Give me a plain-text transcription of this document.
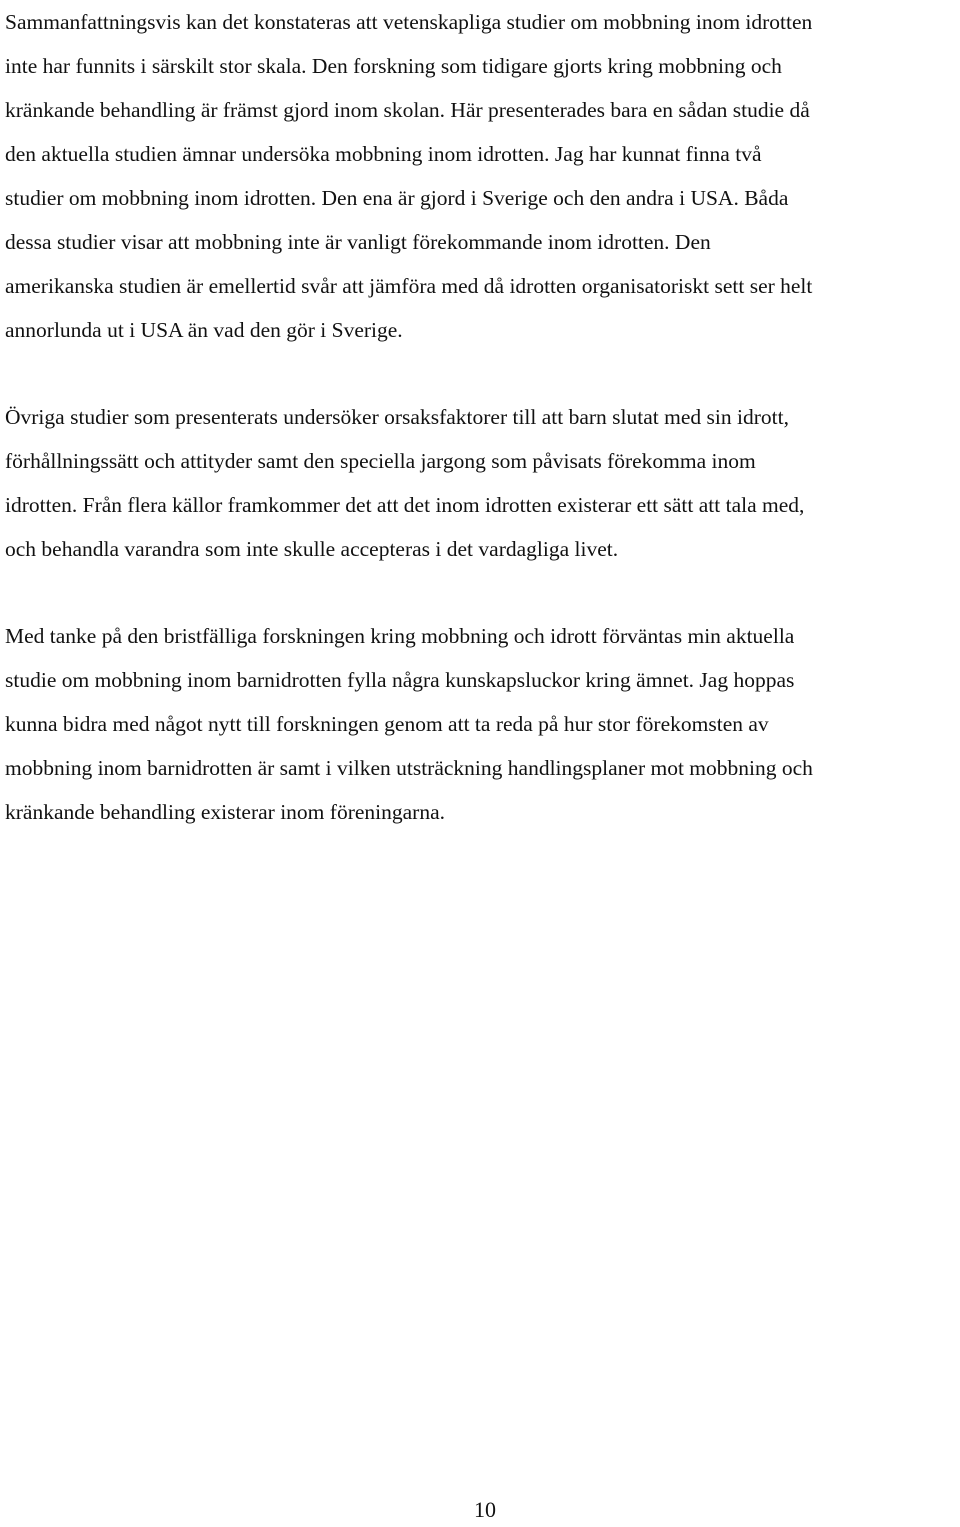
Sammanfattningsvis kan det konstateras att vetenskapliga studier om mobbning inom idrotten
inte har funnits i särskilt stor skala. Den forskning som tidigare gjorts kring mobbning och
kränkande behandling är främst gjord inom skolan. Här presenterades bara en sådan studie då
den aktuella studien ämnar undersöka mobbning inom idrotten. Jag har kunnat finna två
studier om mobbning inom idrotten. Den ena är gjord i Sverige och den andra i USA. Båda
dessa studier visar att mobbning inte är vanligt förekommande inom idrotten. Den
amerikanska studien är emellertid svår att jämföra med då idrotten organisatoriskt sett ser helt
annorlunda ut i USA än vad den gör i Sverige.

Övriga studier som presenterats undersöker orsaksfaktorer till att barn slutat med sin idrott,
förhållningssätt och attityder samt den speciella jargong som påvisats förekomma inom
idrotten. Från flera källor framkommer det att det inom idrotten existerar ett sätt att tala med,
och behandla varandra som inte skulle accepteras i det vardagliga livet.

Med tanke på den bristfälliga forskningen kring mobbning och idrott förväntas min aktuella
studie om mobbning inom barnidrotten fylla några kunskapsluckor kring ämnet. Jag hoppas
kunna bidra med något nytt till forskningen genom att ta reda på hur stor förekomsten av
mobbning inom barnidrotten är samt i vilken utsträckning handlingsplaner mot mobbning och
kränkande behandling existerar inom föreningarna.

10
